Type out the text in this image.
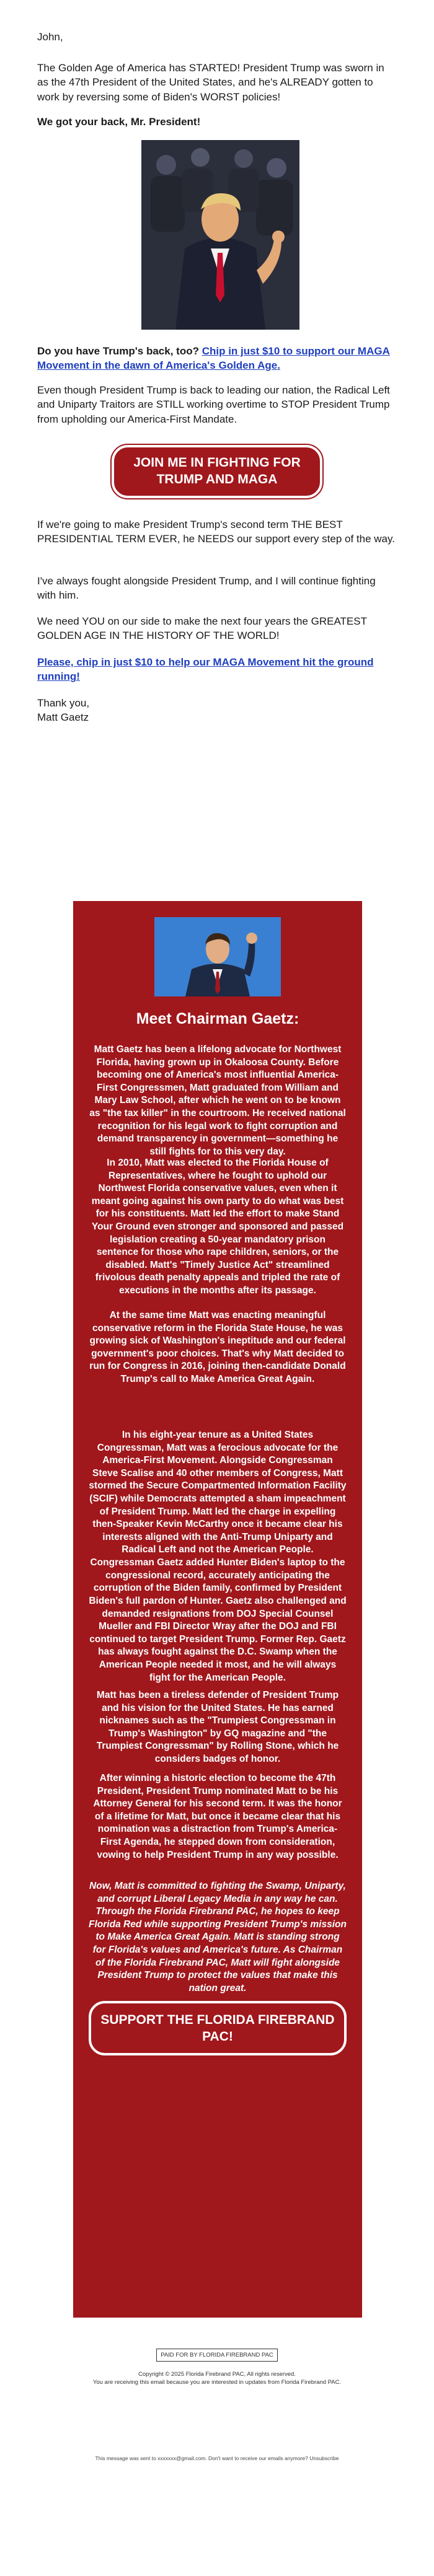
John,

The Golden Age of America has STARTED! President Trump was sworn in as the 47th President of the United States, and he's ALREADY gotten to work by reversing some of Biden's WORST policies!

We got your back, Mr. President!

Do you have Trump's back, too? Chip in just $10 to support our MAGA Movement in the dawn of America's Golden Age.

Even though President Trump is back to leading our nation, the Radical Left and Uniparty Traitors are STILL working overtime to STOP President Trump from upholding our America-First Mandate.

JOIN ME IN FIGHTING FOR TRUMP AND MAGA

If we're going to make President Trump's second term THE BEST PRESIDENTIAL TERM EVER, he NEEDS our support every step of the way.

I've always fought alongside President Trump, and I will continue fighting with him.

We need YOU on our side to make the next four years the GREATEST GOLDEN AGE IN THE HISTORY OF THE WORLD!

Please, chip in just $10 to help our MAGA Movement hit the ground running!

Thank you,
Matt Gaetz

Meet Chairman Gaetz:

Matt Gaetz has been a lifelong advocate for Northwest Florida, having grown up in Okaloosa County. Before becoming one of America's most influential America-First Congressmen, Matt graduated from William and Mary Law School, after which he went on to be known as "the tax killer" in the courtroom. He received national recognition for his legal work to fight corruption and demand transparency in government—something he still fights for to this very day.

In 2010, Matt was elected to the Florida House of Representatives, where he fought to uphold our Northwest Florida conservative values, even when it meant going against his own party to do what was best for his constituents. Matt led the effort to make Stand Your Ground even stronger and sponsored and passed legislation creating a 50-year mandatory prison sentence for those who rape children, seniors, or the disabled. Matt's "Timely Justice Act" streamlined frivolous death penalty appeals and tripled the rate of executions in the months after its passage.

At the same time Matt was enacting meaningful conservative reform in the Florida State House, he was growing sick of Washington's ineptitude and our federal government's poor choices. That's why Matt decided to run for Congress in 2016, joining then-candidate Donald Trump's call to Make America Great Again.

In his eight-year tenure as a United States Congressman, Matt was a ferocious advocate for the America-First Movement. Alongside Congressman Steve Scalise and 40 other members of Congress, Matt stormed the Secure Compartmented Information Facility (SCIF) while Democrats attempted a sham impeachment of President Trump. Matt led the charge in expelling then-Speaker Kevin McCarthy once it became clear his interests aligned with the Anti-Trump Uniparty and Radical Left and not the American People. Congressman Gaetz added Hunter Biden's laptop to the congressional record, accurately anticipating the corruption of the Biden family, confirmed by President Biden's full pardon of Hunter. Gaetz also challenged and demanded resignations from DOJ Special Counsel Mueller and FBI Director Wray after the DOJ and FBI continued to target President Trump. Former Rep. Gaetz has always fought against the D.C. Swamp when the American People needed it most, and he will always fight for the American People.

Matt has been a tireless defender of President Trump and his vision for the United States. He has earned nicknames such as the "Trumpiest Congressman in Trump's Washington" by GQ magazine and "the Trumpiest Congressman" by Rolling Stone, which he considers badges of honor.

After winning a historic election to become the 47th President, President Trump nominated Matt to be his Attorney General for his second term. It was the honor of a lifetime for Matt, but once it became clear that his nomination was a distraction from Trump's America-First Agenda, he stepped down from consideration, vowing to help President Trump in any way possible.

Now, Matt is committed to fighting the Swamp, Uniparty, and corrupt Liberal Legacy Media in any way he can. Through the Florida Firebrand PAC, he hopes to keep Florida Red while supporting President Trump's mission to Make America Great Again. Matt is standing strong for Florida's values and America's future. As Chairman of the Florida Firebrand PAC, Matt will fight alongside President Trump to protect the values that make this nation great.

SUPPORT THE FLORIDA FIREBRAND PAC!
PAID FOR BY FLORIDA FIREBRAND PAC
Copyright © 2025 Florida Firebrand PAC, All rights reserved.
You are receiving this email because you are interested in updates from Florida Firebrand PAC.
This message was sent to xxxxxxx@gmail.com. Don't want to receive our emails anymore? Unsubscribe
